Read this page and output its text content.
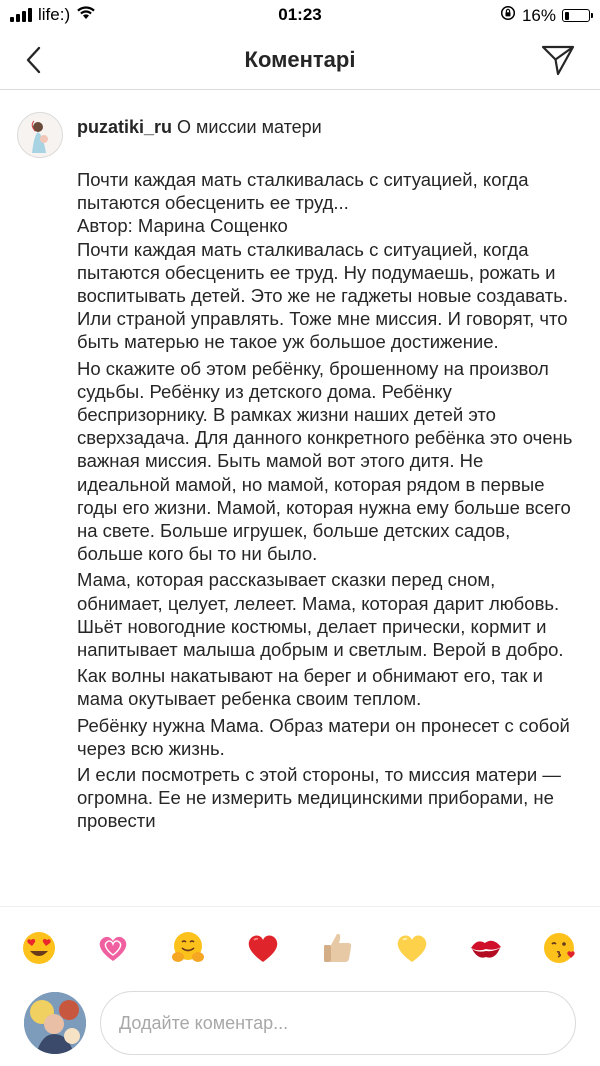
life:)	01:23	16%
Коментарі
puzatiki_ru О миссии матери

Почти каждая мать сталкивалась с ситуацией, когда пытаются обесценить ее труд...

Автор: Марина Сощенко

Почти каждая мать сталкивалась с ситуацией, когда пытаются обесценить ее труд. Ну подумаешь, рожать и воспитывать детей. Это же не гаджеты новые создавать. Или страной управлять. Тоже мне миссия. И говорят, что быть матерью не такое уж большое достижение.

Но скажите об этом ребёнку, брошенному на произвол судьбы. Ребёнку из детского дома. Ребёнку беспризорнику. В рамках жизни наших детей это сверхзадача. Для данного конкретного ребёнка это очень важная миссия. Быть мамой вот этого дитя. Не идеальной мамой, но мамой, которая рядом в первые годы его жизни. Мамой, которая нужна ему больше всего на свете. Больше игрушек, больше детских садов, больше кого бы то ни было.

Мама, которая рассказывает сказки перед сном, обнимает, целует, лелеет. Мама, которая дарит любовь. Шьёт новогодние костюмы, делает прически, кормит и напитывает малыша добрым и светлым. Верой в добро.

Как волны накатывают на берег и обнимают его, так и мама окутывает ребенка своим теплом.

Ребёнку нужна Мама. Образ матери он пронесет с собой через всю жизнь.

И если посмотреть с этой стороны, то миссия матери — огромна. Ее не измерить медицинскими приборами, не провести

Додайте коментар...
